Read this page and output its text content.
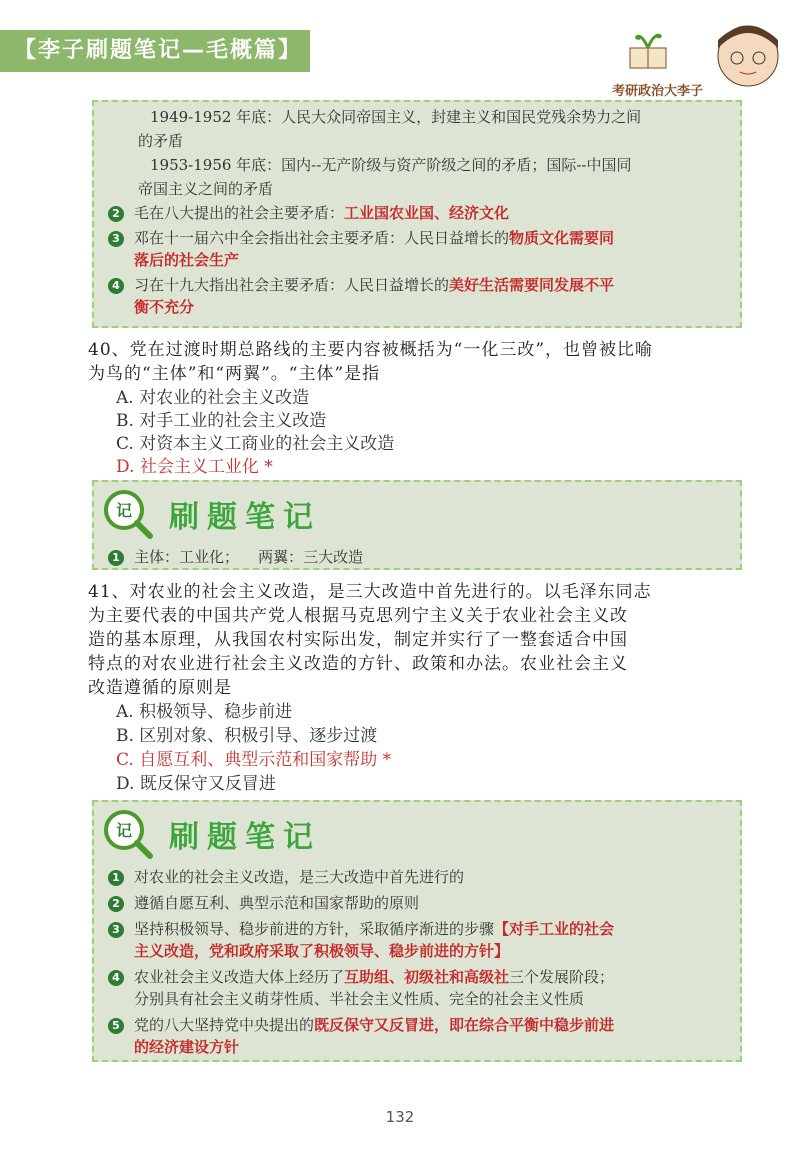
【李子刷题笔记—毛概篇】
考研政治大李子
1949-1952 年底：人民大众同帝国主义，封建主义和国民党残余势力之间
的矛盾
1953-1956 年底：国内--无产阶级与资产阶级之间的矛盾；国际--中国同
帝国主义之间的矛盾
2 毛在八大提出的社会主要矛盾：工业国农业国、经济文化
3 邓在十一届六中全会指出社会主要矛盾：人民日益增长的物质文化需要同
落后的社会生产
4 习在十九大指出社会主要矛盾：人民日益增长的美好生活需要同发展不平
衡不充分
40、党在过渡时期总路线的主要内容被概括为“一化三改”，也曾被比喻
为鸟的“主体”和“两翼”。“主体”是指
A. 对农业的社会主义改造
B. 对手工业的社会主义改造
C. 对资本主义工商业的社会主义改造
D. 社会主义工业化 *
记 刷题笔记
1 主体：工业化；    两翼：三大改造
41、对农业的社会主义改造，是三大改造中首先进行的。以毛泽东同志
为主要代表的中国共产党人根据马克思列宁主义关于农业社会主义改
造的基本原理，从我国农村实际出发，制定并实行了一整套适合中国
特点的对农业进行社会主义改造的方针、政策和办法。农业社会主义
改造遵循的原则是
A. 积极领导、稳步前进
B. 区别对象、积极引导、逐步过渡
C. 自愿互利、典型示范和国家帮助 *
D. 既反保守又反冒进
记 刷题笔记
1 对农业的社会主义改造，是三大改造中首先进行的
2 遵循自愿互利、典型示范和国家帮助的原则
3 坚持积极领导、稳步前进的方针，采取循序渐进的步骤【对手工业的社会
主义改造，党和政府采取了积极领导、稳步前进的方针】
4 农业社会主义改造大体上经历了互助组、初级社和高级社三个发展阶段；
分别具有社会主义萌芽性质、半社会主义性质、完全的社会主义性质
5 党的八大坚持党中央提出的既反保守又反冒进，即在综合平衡中稳步前进
的经济建设方针
132
